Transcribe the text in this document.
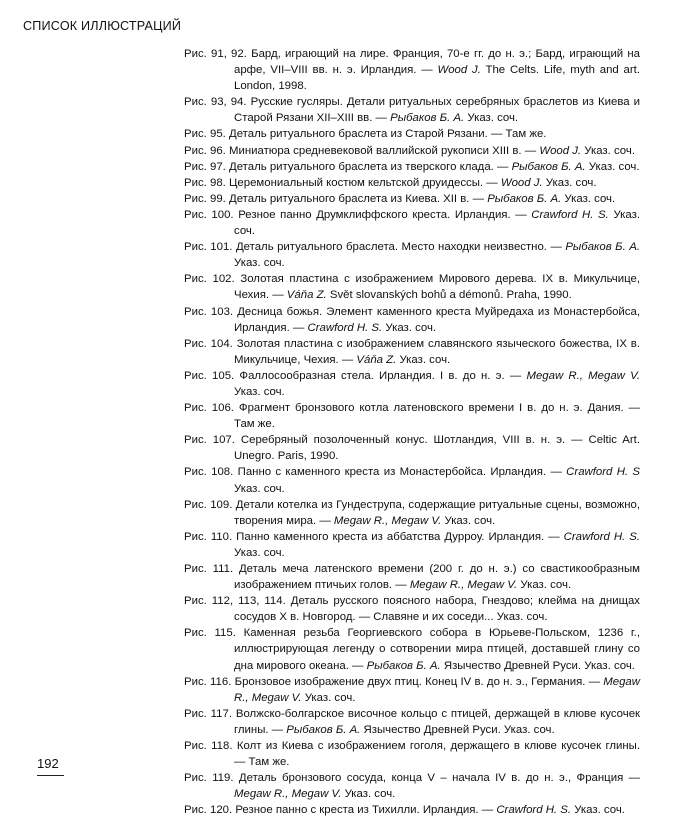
СПИСОК ИЛЛЮСТРАЦИЙ
Рис. 91, 92. Бард, играющий на лире. Франция, 70-е гг. до н. э.; Бард, играющий на арфе, VII–VIII вв. н. э. Ирландия. — Wood J. The Celts. Life, myth and art. London, 1998.
Рис. 93, 94. Русские гусляры. Детали ритуальных серебряных браслетов из Киева и Старой Рязани XII–XIII вв. — Рыбаков Б. А. Указ. соч.
Рис. 95. Деталь ритуального браслета из Старой Рязани. — Там же.
Рис. 96. Миниатюра средневековой валлийской рукописи XIII в. — Wood J. Указ. соч.
Рис. 97. Деталь ритуального браслета из тверского клада. — Рыбаков Б. А. Указ. соч.
Рис. 98. Церемониальный костюм кельтской друидессы. — Wood J. Указ. соч.
Рис. 99. Деталь ритуального браслета из Киева. XII в. — Рыбаков Б. А. Указ. соч.
Рис. 100. Резное панно Друмклиффского креста. Ирландия. — Crawford H. S. Указ. соч.
Рис. 101. Деталь ритуального браслета. Место находки неизвестно. — Рыбаков Б. А. Указ. соч.
Рис. 102. Золотая пластина с изображением Мирового дерева. IX в. Микульчице, Чехия. — Váňa Z. Svět slovanských bohů a démonů. Praha, 1990.
Рис. 103. Десница божья. Элемент каменного креста Муйредаха из Монастербойса, Ирландия. — Crawford H. S. Указ. соч.
Рис. 104. Золотая пластина с изображением славянского языческого божества, IX в. Микульчице, Чехия. — Váňa Z. Указ. соч.
Рис. 105. Фаллосообразная стела. Ирландия. I в. до н. э. — Megaw R., Megaw V. Указ. соч.
Рис. 106. Фрагмент бронзового котла латеновского времени I в. до н. э. Дания. — Там же.
Рис. 107. Серебряный позолоченный конус. Шотландия, VIII в. н. э. — Celtic Art. Unegro. Paris, 1990.
Рис. 108. Панно с каменного креста из Монастербойса. Ирландия. — Crawford H. S Указ. соч.
Рис. 109. Детали котелка из Гундеструпа, содержащие ритуальные сцены, возможно, творения мира. — Megaw R., Megaw V. Указ. соч.
Рис. 110. Панно каменного креста из аббатства Дурроу. Ирландия. — Crawford H. S. Указ. соч.
Рис. 111. Деталь меча латенского времени (200 г. до н. э.) со свастикообразным изображением птичьих голов. — Megaw R., Megaw V. Указ. соч.
Рис. 112, 113, 114. Деталь русского поясного набора, Гнездово; клейма на днищах сосудов X в. Новгород. — Славяне и их соседи... Указ. соч.
Рис. 115. Каменная резьба Георгиевского собора в Юрьеве-Польском, 1236 г., иллюстрирующая легенду о сотворении мира птицей, доставшей глину со дна мирового океана. — Рыбаков Б. А. Язычество Древней Руси. Указ. соч.
Рис. 116. Бронзовое изображение двух птиц. Конец IV в. до н. э., Германия. — Megaw R., Megaw V. Указ. соч.
Рис. 117. Волжско-болгарское височное кольцо с птицей, держащей в клюве кусочек глины. — Рыбаков Б. А. Язычество Древней Руси. Указ. соч.
Рис. 118. Колт из Киева с изображением гоголя, держащего в клюве кусочек глины. — Там же.
Рис. 119. Деталь бронзового сосуда, конца V – начала IV в. до н. э., Франция — Megaw R., Megaw V. Указ. соч.
Рис. 120. Резное панно с креста из Тихилли. Ирландия. — Crawford H. S. Указ. соч.
192
